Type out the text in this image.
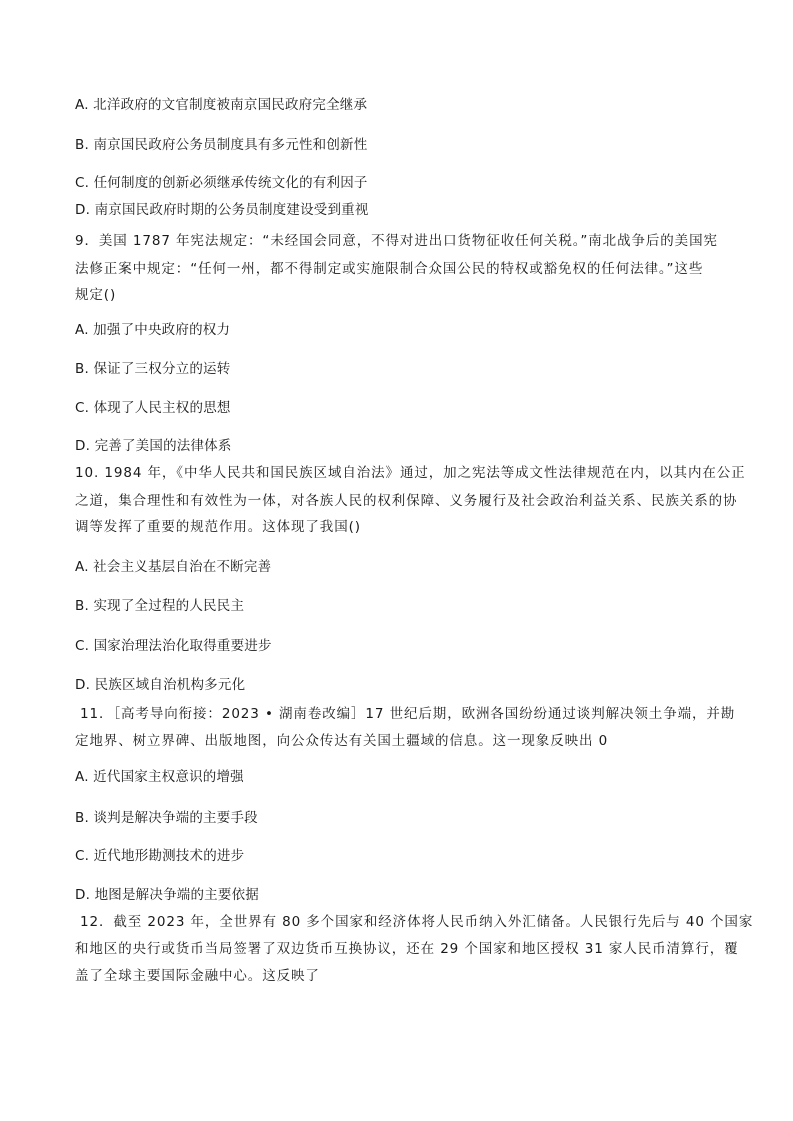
A. 北洋政府的文官制度被南京国民政府完全继承
B. 南京国民政府公务员制度具有多元性和创新性
C. 任何制度的创新必须继承传统文化的有利因子
D. 南京国民政府时期的公务员制度建设受到重视
9．美国 1787 年宪法规定：“未经国会同意，不得对进出口货物征收任何关税。”南北战争后的美国宪
法修正案中规定：“任何一州，都不得制定或实施限制合众国公民的特权或豁免权的任何法律。”这些
规定()
A. 加强了中央政府的权力
B. 保证了三权分立的运转
C. 体现了人民主权的思想
D. 完善了美国的法律体系
10. 1984 年，《中华人民共和国民族区域自治法》通过，加之宪法等成文性法律规范在内，以其内在公正
之道，集合理性和有效性为一体，对各族人民的权利保障、义务履行及社会政治利益关系、民族关系的协
调等发挥了重要的规范作用。这体现了我国()
A. 社会主义基层自治在不断完善
B. 实现了全过程的人民民主
C. 国家治理法治化取得重要进步
D. 民族区域自治机构多元化
11．［高考导向衔接：2023 • 湖南卷改编］17 世纪后期，欧洲各国纷纷通过谈判解决领土争端，并勘
定地界、树立界碑、出版地图，向公众传达有关国土疆域的信息。这一现象反映出 0
A. 近代国家主权意识的增强
B. 谈判是解决争端的主要手段
C. 近代地形勘测技术的进步
D. 地图是解决争端的主要依据
12．截至 2023 年，全世界有 80 多个国家和经济体将人民币纳入外汇储备。人民银行先后与 40 个国家
和地区的央行或货币当局签署了双边货币互换协议，还在 29 个国家和地区授权 31 家人民币清算行，覆
盖了全球主要国际金融中心。这反映了
